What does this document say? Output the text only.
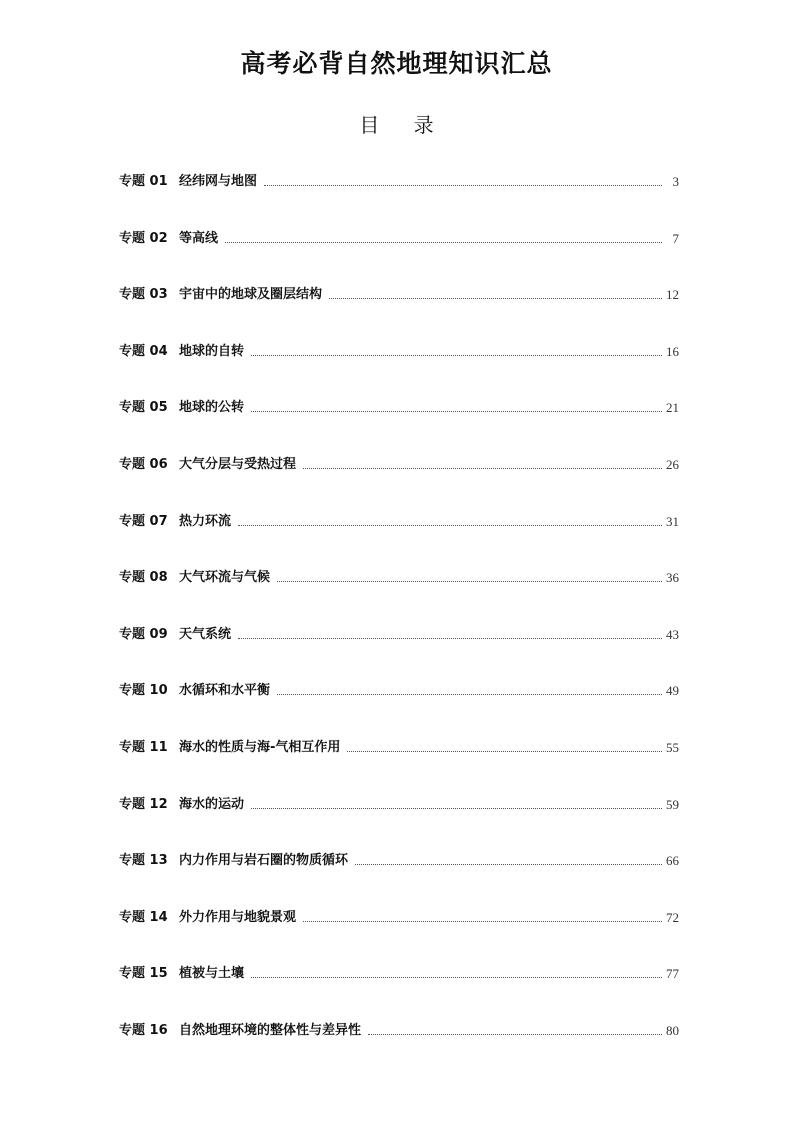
高考必背自然地理知识汇总
目 录
专题 01 经纬网与地图	3
专题 02 等高线	7
专题 03 宇宙中的地球及圈层结构	12
专题 04 地球的自转	16
专题 05 地球的公转	21
专题 06 大气分层与受热过程	26
专题 07 热力环流	31
专题 08 大气环流与气候	36
专题 09 天气系统	43
专题 10 水循环和水平衡	49
专题 11 海水的性质与海-气相互作用	55
专题 12 海水的运动	59
专题 13 内力作用与岩石圈的物质循环	66
专题 14 外力作用与地貌景观	72
专题 15 植被与土壤	77
专题 16 自然地理环境的整体性与差异性	80
